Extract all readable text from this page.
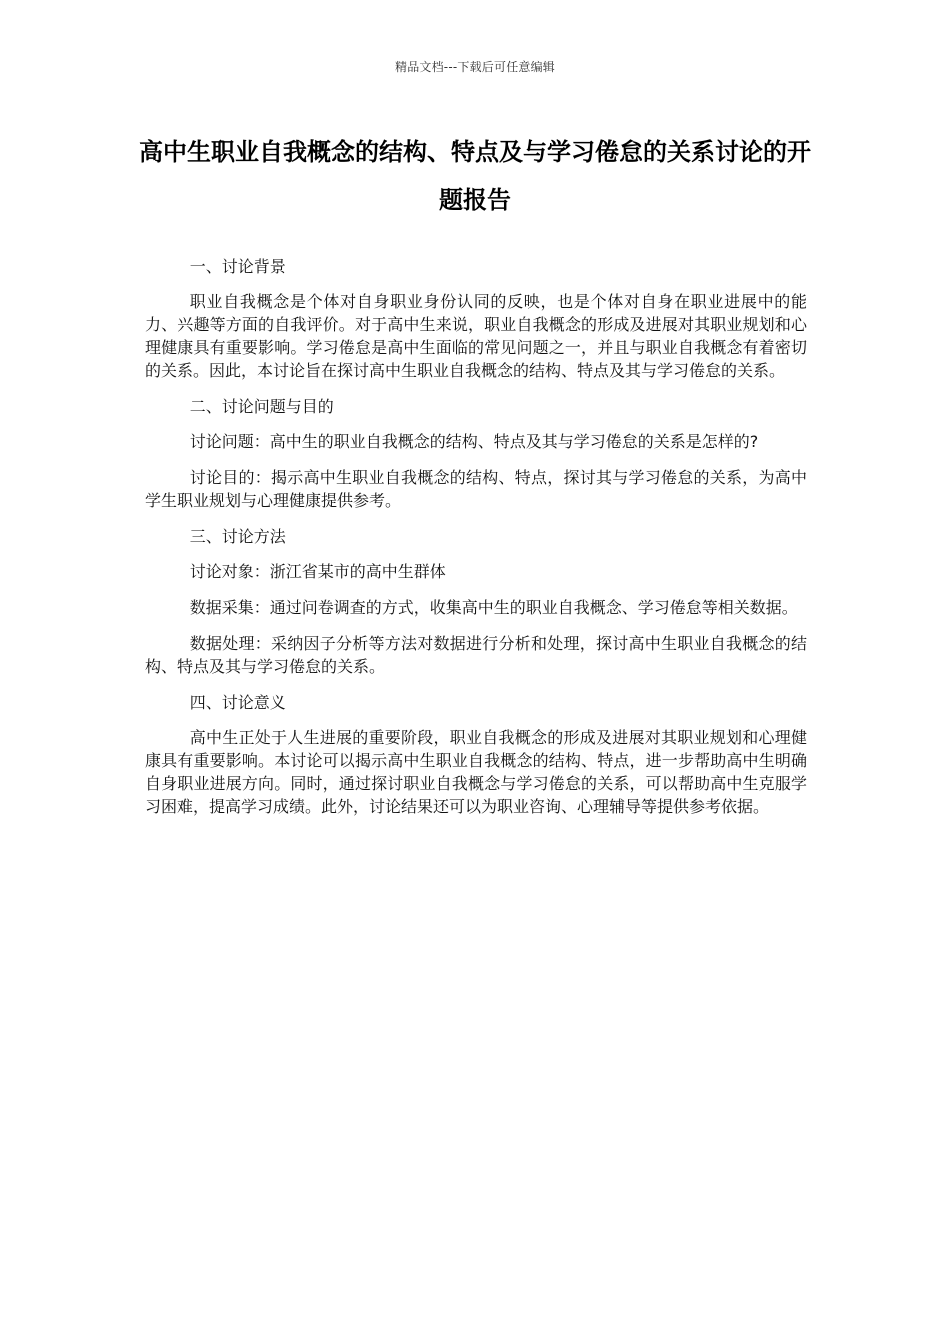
精品文档---下载后可任意编辑
高中生职业自我概念的结构、特点及与学习倦怠的关系讨论的开题报告

一、讨论背景

职业自我概念是个体对自身职业身份认同的反映，也是个体对自身在职业进展中的能力、兴趣等方面的自我评价。对于高中生来说，职业自我概念的形成及进展对其职业规划和心理健康具有重要影响。学习倦怠是高中生面临的常见问题之一，并且与职业自我概念有着密切的关系。因此，本讨论旨在探讨高中生职业自我概念的结构、特点及其与学习倦怠的关系。

二、讨论问题与目的

讨论问题：高中生的职业自我概念的结构、特点及其与学习倦怠的关系是怎样的?

讨论目的：揭示高中生职业自我概念的结构、特点，探讨其与学习倦怠的关系，为高中学生职业规划与心理健康提供参考。

三、讨论方法

讨论对象：浙江省某市的高中生群体

数据采集：通过问卷调查的方式，收集高中生的职业自我概念、学习倦怠等相关数据。

数据处理：采纳因子分析等方法对数据进行分析和处理，探讨高中生职业自我概念的结构、特点及其与学习倦怠的关系。

四、讨论意义

高中生正处于人生进展的重要阶段，职业自我概念的形成及进展对其职业规划和心理健康具有重要影响。本讨论可以揭示高中生职业自我概念的结构、特点，进一步帮助高中生明确自身职业进展方向。同时，通过探讨职业自我概念与学习倦怠的关系，可以帮助高中生克服学习困难，提高学习成绩。此外，讨论结果还可以为职业咨询、心理辅导等提供参考依据。
